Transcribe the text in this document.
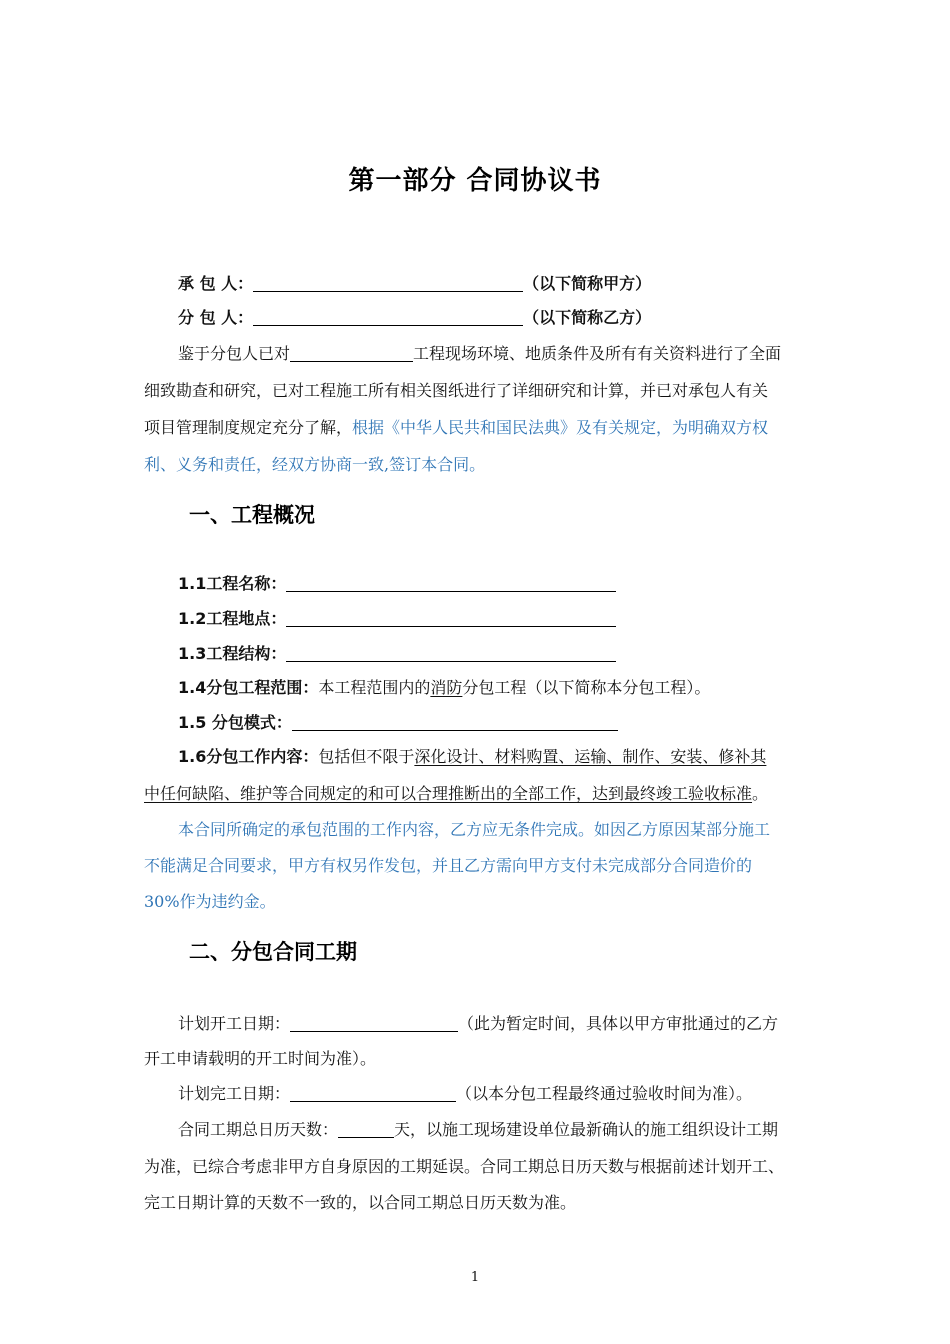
第一部分 合同协议书
承 包 人：	（以下简称甲方）
分 包 人：	（以下简称乙方）
鉴于分包人已对	工程现场环境、地质条件及所有有关资料进行了全面
细致勘查和研究，已对工程施工所有相关图纸进行了详细研究和计算，并已对承包人有关
项目管理制度规定充分了解，根据《中华人民共和国民法典》及有关规定，为明确双方权
利、义务和责任，经双方协商一致,签订本合同。
一、工程概况
1.1工程名称：
1.2工程地点：
1.3工程结构：
1.4分包工程范围：本工程范围内的消防分包工程（以下简称本分包工程）。
1.5 分包模式：
1.6分包工作内容：包括但不限于深化设计、材料购置、运输、制作、安装、修补其
中任何缺陷、维护等合同规定的和可以合理推断出的全部工作，达到最终竣工验收标准。
本合同所确定的承包范围的工作内容，乙方应无条件完成。如因乙方原因某部分施工
不能满足合同要求，甲方有权另作发包，并且乙方需向甲方支付未完成部分合同造价的
30%作为违约金。
二、分包合同工期
计划开工日期：	（此为暂定时间，具体以甲方审批通过的乙方
开工申请载明的开工时间为准）。
计划完工日期：	（以本分包工程最终通过验收时间为准）。
合同工期总日历天数：	天，以施工现场建设单位最新确认的施工组织设计工期
为准，已综合考虑非甲方自身原因的工期延误。合同工期总日历天数与根据前述计划开工、
完工日期计算的天数不一致的，以合同工期总日历天数为准。
1
